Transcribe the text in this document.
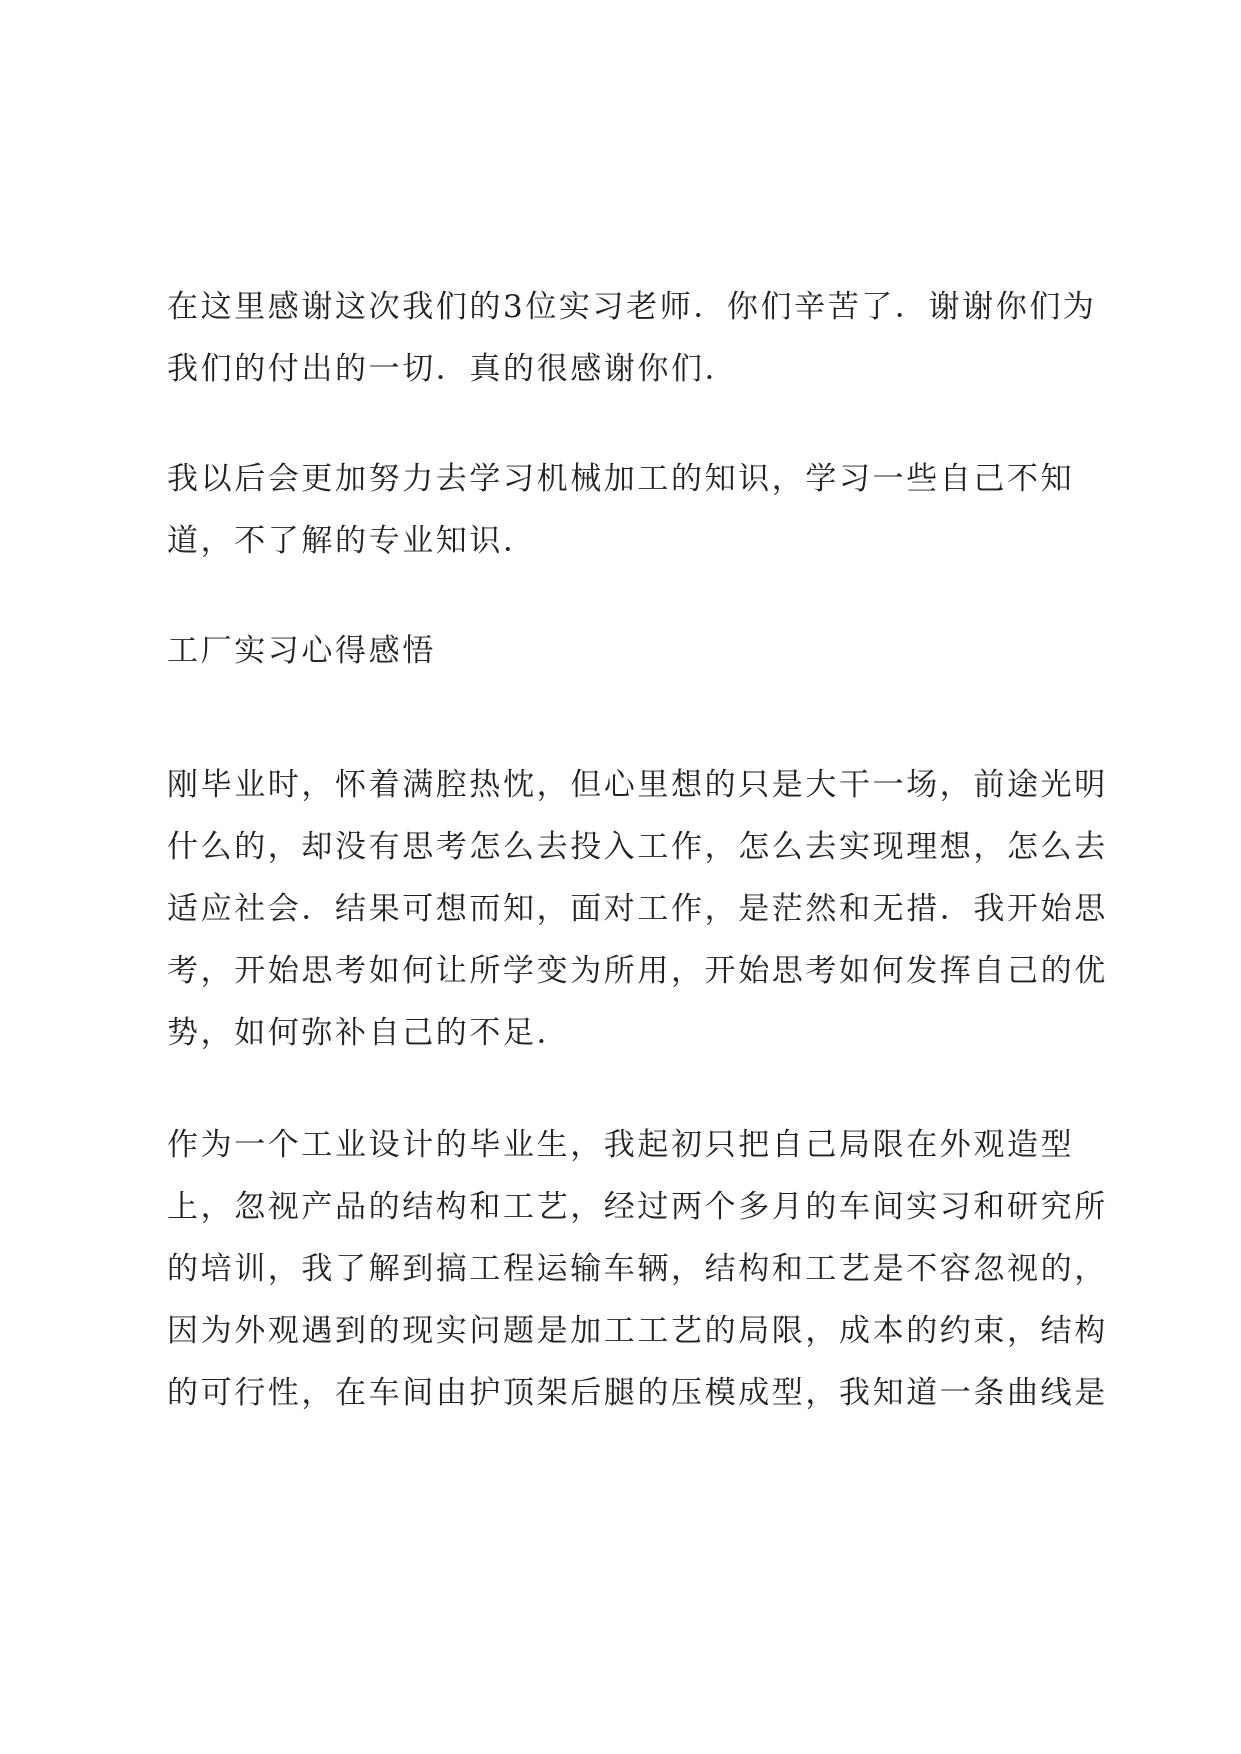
在这里感谢这次我们的3位实习老师．你们辛苦了．谢谢你们为
我们的付出的一切．真的很感谢你们．
我以后会更加努力去学习机械加工的知识，学习一些自己不知
道，不了解的专业知识．
工厂实习心得感悟
刚毕业时，怀着满腔热忱，但心里想的只是大干一场，前途光明
什么的，却没有思考怎么去投入工作，怎么去实现理想，怎么去
适应社会．结果可想而知，面对工作，是茫然和无措．我开始思
考，开始思考如何让所学变为所用，开始思考如何发挥自己的优
势，如何弥补自己的不足．
作为一个工业设计的毕业生，我起初只把自己局限在外观造型
上，忽视产品的结构和工艺，经过两个多月的车间实习和研究所
的培训，我了解到搞工程运输车辆，结构和工艺是不容忽视的，
因为外观遇到的现实问题是加工工艺的局限，成本的约束，结构
的可行性，在车间由护顶架后腿的压模成型，我知道一条曲线是
